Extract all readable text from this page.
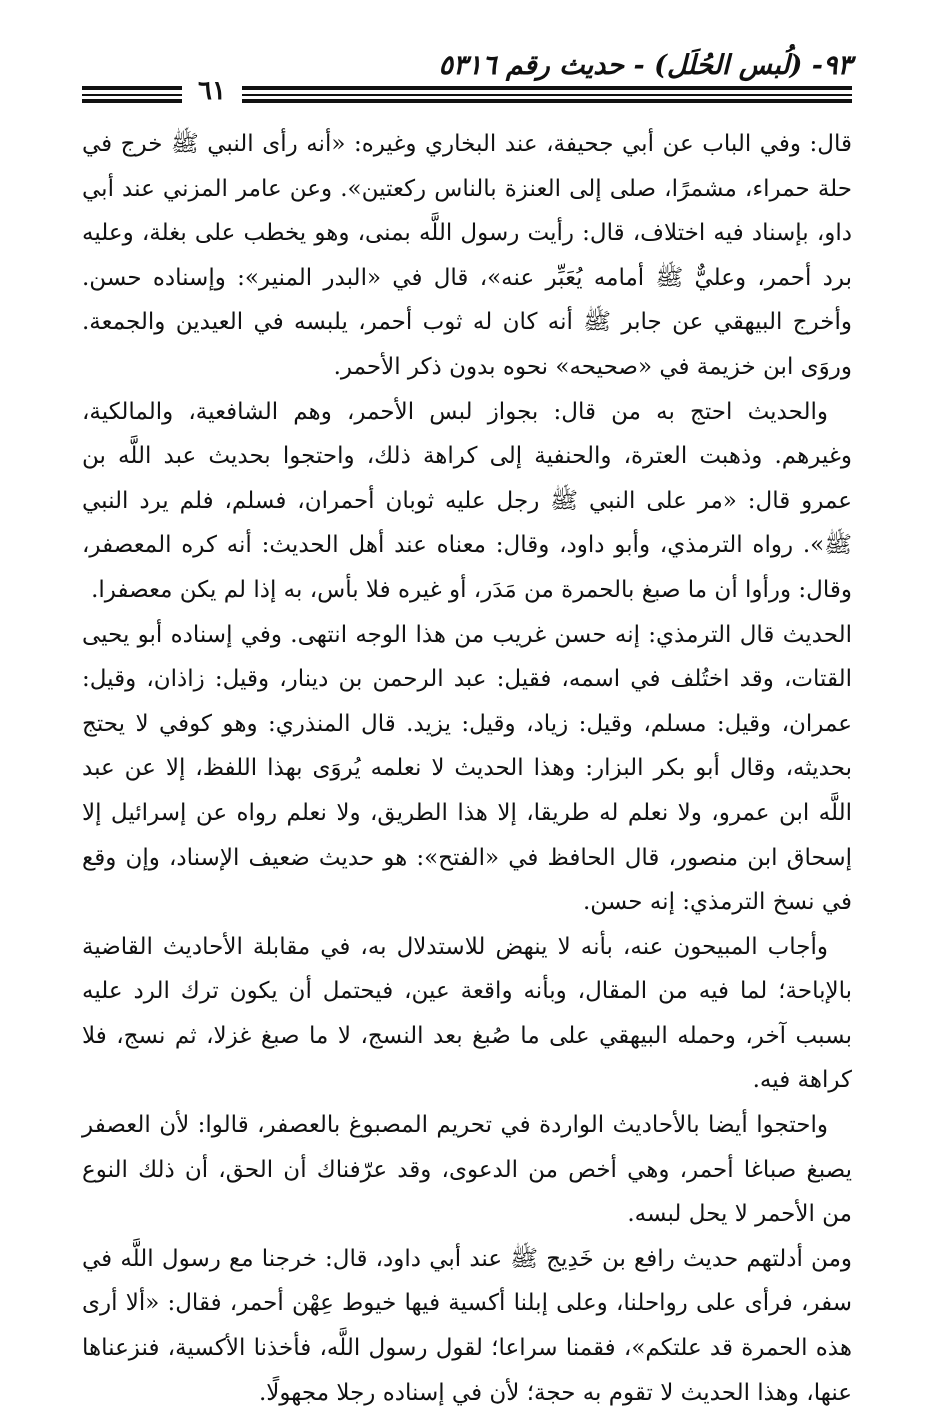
٩٣- (لُبس الحُلَل) - حديث رقم ٥٣١٦
٦١

قال: وفي الباب عن أبي جحيفة، عند البخاري وغيره: «أنه رأى النبي ﷺ خرج في حلة حمراء، مشمرًا، صلى إلى العنزة بالناس ركعتين». وعن عامر المزني عند أبي داو، بإسناد فيه اختلاف، قال: رأيت رسول اللَّه بمنى، وهو يخطب على بغلة، وعليه برد أحمر، وعليٌّ ﷺ أمامه يُعَبِّر عنه»، قال في «البدر المنير»: وإسناده حسن. وأخرج البيهقي عن جابر ﷺ أنه كان له ثوب أحمر، يلبسه في العيدين والجمعة. وروَى ابن خزيمة في «صحيحه» نحوه بدون ذكر الأحمر.

والحديث احتج به من قال: بجواز لبس الأحمر، وهم الشافعية، والمالكية، وغيرهم. وذهبت العترة، والحنفية إلى كراهة ذلك، واحتجوا بحديث عبد اللَّه بن عمرو قال: «مر على النبي ﷺ رجل عليه ثوبان أحمران، فسلم، فلم يرد النبي ﷺ». رواه الترمذي، وأبو داود، وقال: معناه عند أهل الحديث: أنه كره المعصفر، وقال: ورأوا أن ما صبغ بالحمرة من مَدَر، أو غيره فلا بأس، به إذا لم يكن معصفرا.

الحديث قال الترمذي: إنه حسن غريب من هذا الوجه انتهى. وفي إسناده أبو يحيى القتات، وقد اختُلف في اسمه، فقيل: عبد الرحمن بن دينار، وقيل: زاذان، وقيل: عمران، وقيل: مسلم، وقيل: زياد، وقيل: يزيد. قال المنذري: وهو كوفي لا يحتج بحديثه، وقال أبو بكر البزار: وهذا الحديث لا نعلمه يُروَى بهذا اللفظ، إلا عن عبد اللَّه ابن عمرو، ولا نعلم له طريقا، إلا هذا الطريق، ولا نعلم رواه عن إسرائيل إلا إسحاق ابن منصور، قال الحافظ في «الفتح»: هو حديث ضعيف الإسناد، وإن وقع في نسخ الترمذي: إنه حسن.

وأجاب المبيحون عنه، بأنه لا ينهض للاستدلال به، في مقابلة الأحاديث القاضية بالإباحة؛ لما فيه من المقال، وبأنه واقعة عين، فيحتمل أن يكون ترك الرد عليه بسبب آخر، وحمله البيهقي على ما صُبغ بعد النسج، لا ما صبغ غزلا، ثم نسج، فلا كراهة فيه.

واحتجوا أيضا بالأحاديث الواردة في تحريم المصبوغ بالعصفر، قالوا: لأن العصفر يصبغ صباغا أحمر، وهي أخص من الدعوى، وقد عرّفناك أن الحق، أن ذلك النوع من الأحمر لا يحل لبسه.

ومن أدلتهم حديث رافع بن خَدِيج ﷺ عند أبي داود، قال: خرجنا مع رسول اللَّه في سفر، فرأى على رواحلنا، وعلى إبلنا أكسية فيها خيوط عِهْن أحمر، فقال: «ألا أرى هذه الحمرة قد علتكم»، فقمنا سراعا؛ لقول رسول اللَّه، فأخذنا الأكسية، فنزعناها عنها، وهذا الحديث لا تقوم به حجة؛ لأن في إسناده رجلا مجهولًا.
